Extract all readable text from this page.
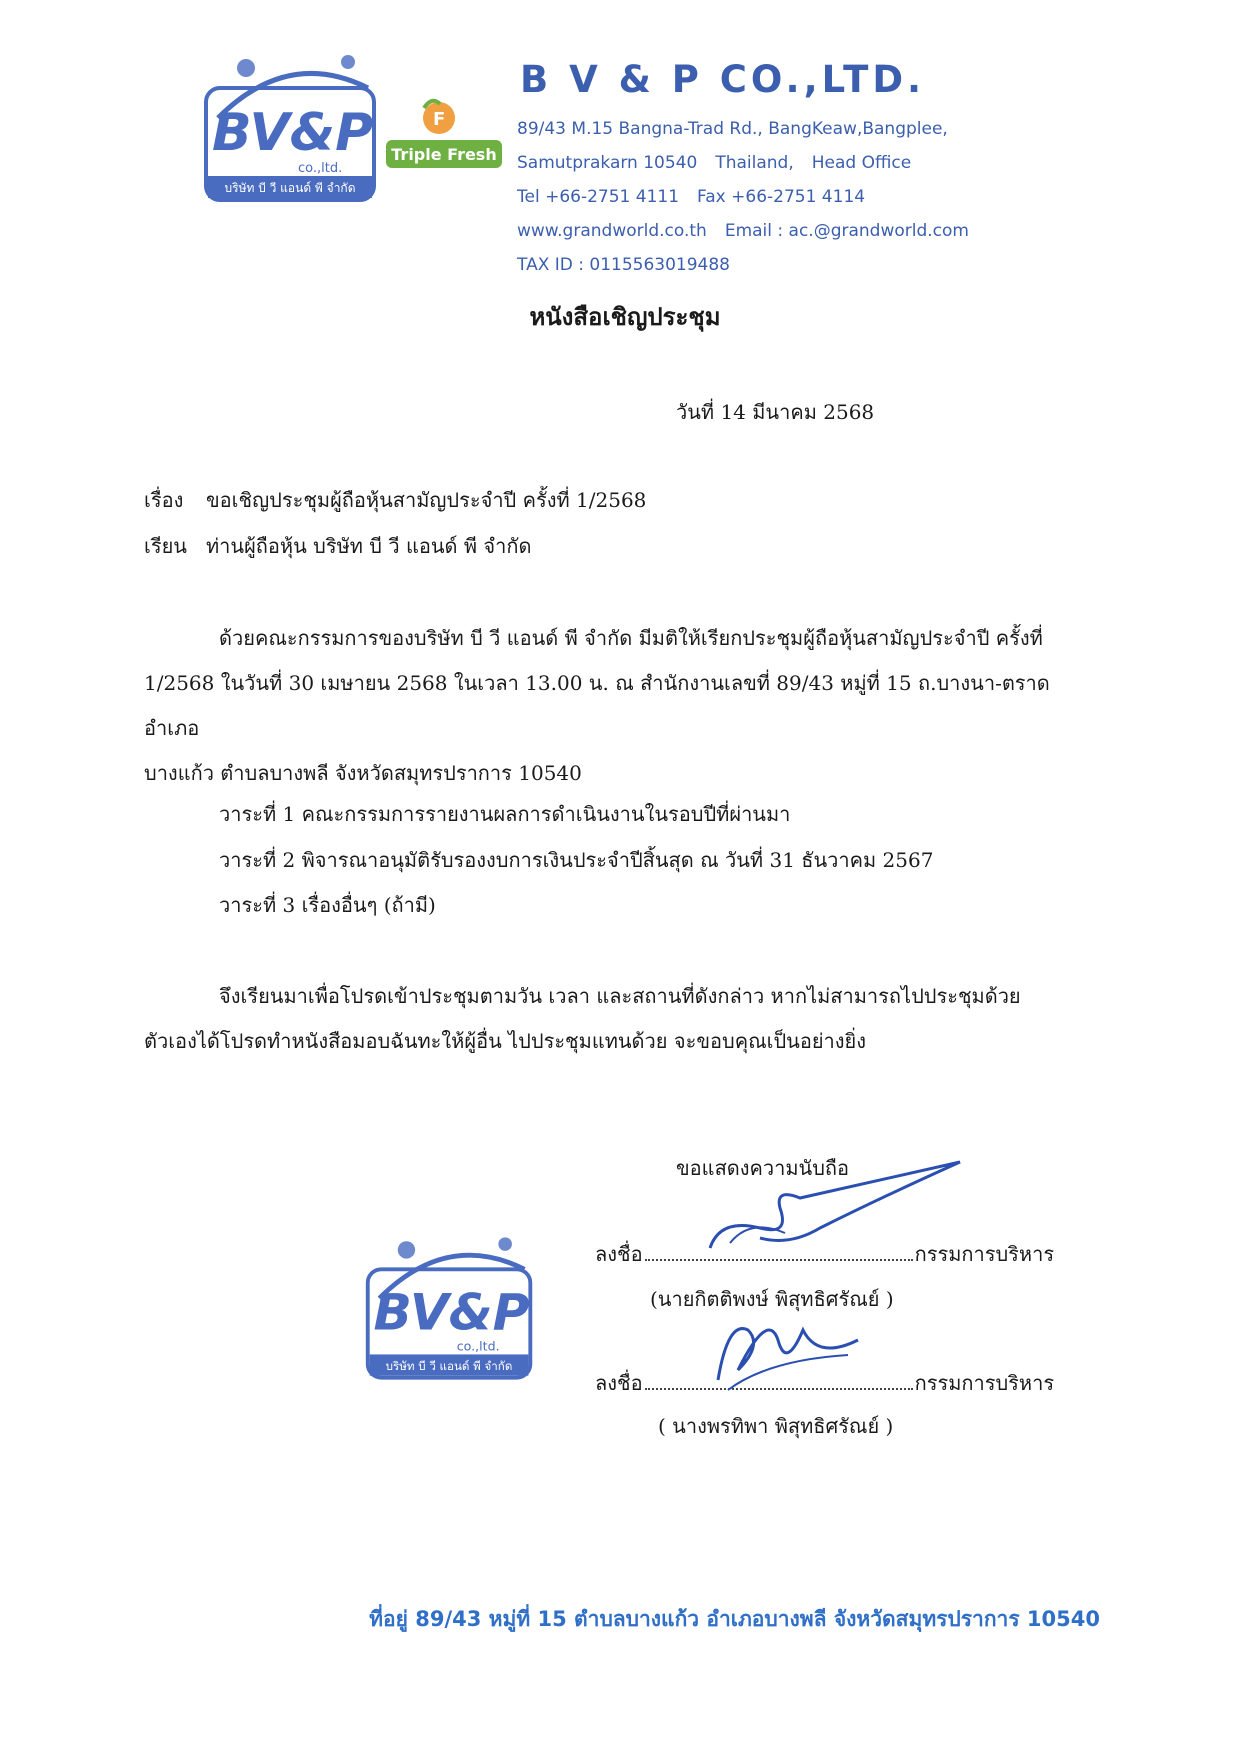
BV&P
co.,ltd.
บริษัท บี วี แอนด์ พี จำกัด
F
Triple Fresh
B V & P CO.,LTD.
89/43 M.15 Bangna-Trad Rd., BangKeaw,Bangplee,
Samutprakarn 10540 Thailand, Head Office
Tel +66-2751 4111 Fax +66-2751 4114
www.grandworld.co.th Email : ac.@grandworld.com
TAX ID : 0115563019488
หนังสือเชิญประชุม
วันที่ 14 มีนาคม 2568
เรื่อง ขอเชิญประชุมผู้ถือหุ้นสามัญประจำปี ครั้งที่ 1/2568
เรียน ท่านผู้ถือหุ้น บริษัท บี วี แอนด์ พี จำกัด
ด้วยคณะกรรมการของบริษัท บี วี แอนด์ พี จำกัด มีมติให้เรียกประชุมผู้ถือหุ้นสามัญประจำปี ครั้งที่
1/2568 ในวันที่ 30 เมษายน 2568 ในเวลา 13.00 น. ณ สำนักงานเลขที่ 89/43 หมู่ที่ 15 ถ.บางนา-ตราด อำเภอ
บางแก้ว ตำบลบางพลี จังหวัดสมุทรปราการ 10540
วาระที่ 1 คณะกรรมการรายงานผลการดำเนินงานในรอบปีที่ผ่านมา
วาระที่ 2 พิจารณาอนุมัติรับรองงบการเงินประจำปีสิ้นสุด ณ วันที่ 31 ธันวาคม 2567
วาระที่ 3 เรื่องอื่นๆ (ถ้ามี)
จึงเรียนมาเพื่อโปรดเข้าประชุมตามวัน เวลา และสถานที่ดังกล่าว หากไม่สามารถไปประชุมด้วย
ตัวเองได้โปรดทำหนังสือมอบฉันทะให้ผู้อื่น ไปประชุมแทนด้วย จะขอบคุณเป็นอย่างยิ่ง
ขอแสดงความนับถือ
ลงชื่อ	กรรมการบริหาร
(นายกิตติพงษ์ พิสุทธิศรัณย์ )
ลงชื่อ	กรรมการบริหาร
( นางพรทิพา พิสุทธิศรัณย์ )
BV&P
co.,ltd.
บริษัท บี วี แอนด์ พี จำกัด
ที่อยู่ 89/43 หมู่ที่ 15 ตำบลบางแก้ว อำเภอบางพลี จังหวัดสมุทรปราการ 10540
